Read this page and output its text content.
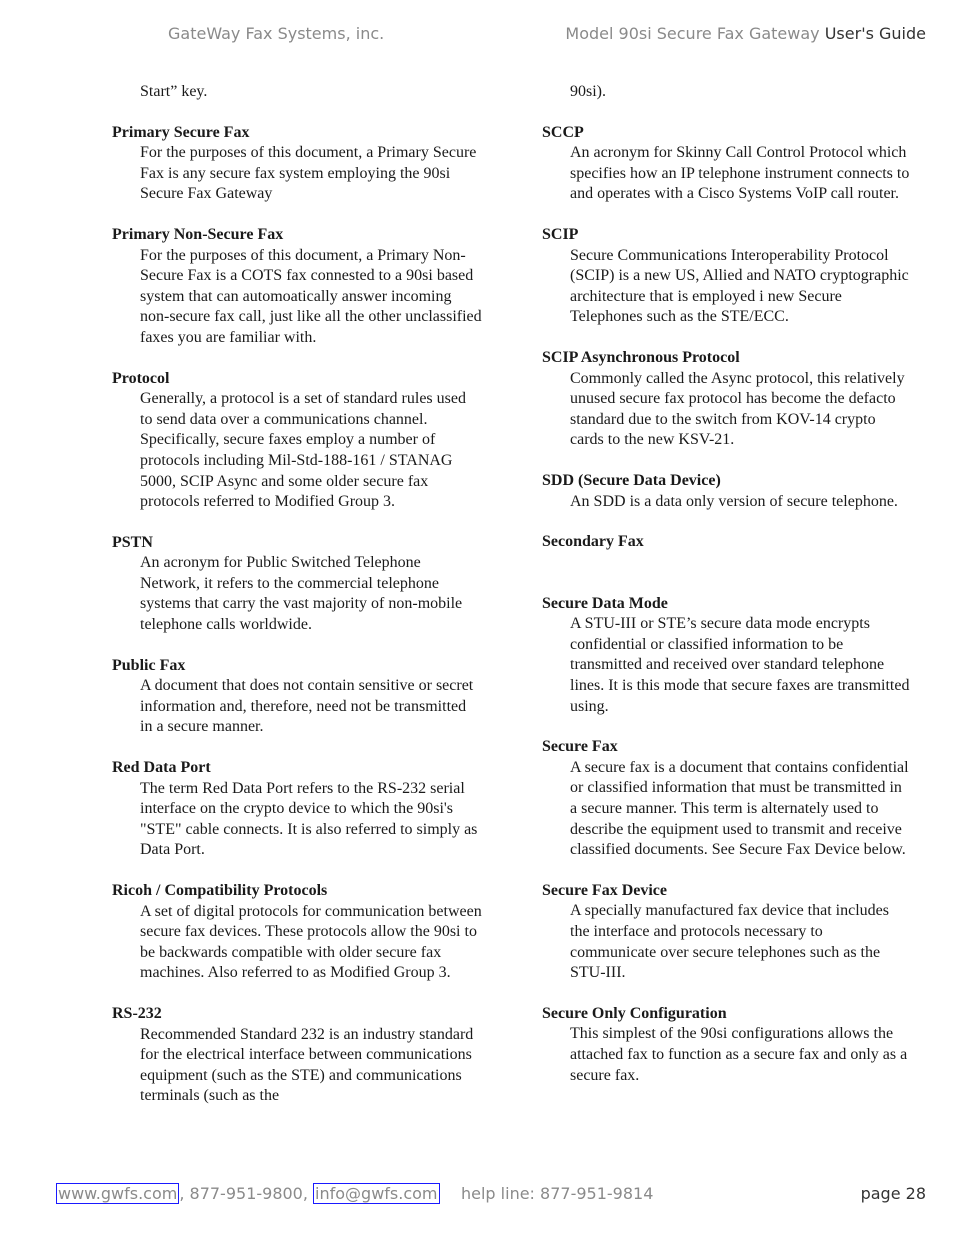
GateWay Fax Systems, inc.	Model 90si Secure Fax Gateway User's Guide
Start” key.
Primary Secure Fax
For the purposes of this document, a Primary Secure Fax is any secure fax system employing the 90si Secure Fax Gateway
Primary Non-Secure Fax
For the purposes of this document, a Primary Non-Secure Fax is a COTS fax connested to a 90si based system that can automoatically answer incoming non-secure fax call, just like all the other unclassified faxes you are familiar with.
Protocol
Generally, a protocol is a set of standard rules used to send data over a communications channel. Specifically, secure faxes employ a number of protocols including Mil-Std-188-161 / STANAG 5000, SCIP Async and some older secure fax protocols referred to Modified Group 3.
PSTN
An acronym for Public Switched Telephone Network, it refers to the commercial telephone systems that carry the vast majority of non-mobile telephone calls worldwide.
Public Fax
A document that does not contain sensitive or secret information and, therefore, need not be transmitted in a secure manner.
Red Data Port
The term Red Data Port refers to the RS-232 serial interface on the crypto device to which the 90si's "STE" cable connects. It is also referred to simply as Data Port.
Ricoh / Compatibility Protocols
A set of digital protocols for communication between secure fax devices. These protocols allow the 90si to be backwards compatible with older secure fax machines. Also referred to as Modified Group 3.
RS-232
Recommended Standard 232 is an industry standard for the electrical interface between communications equipment (such as the STE) and communications terminals (such as the
90si).
SCCP
An acronym for Skinny Call Control Protocol which specifies how an IP telephone instrument connects to and operates with a Cisco Systems VoIP call router.
SCIP
Secure Communications Interoperability Protocol (SCIP) is a new US, Allied and NATO cryptographic architecture that is employed i new Secure Telephones such as the STE/ECC.
SCIP Asynchronous Protocol
Commonly called the Async protocol, this relatively unused secure fax protocol has become the defacto standard due to the switch from KOV-14 crypto cards to the new KSV-21.
SDD (Secure Data Device)
An SDD is a data only version of secure telephone.
Secondary Fax
Secure Data Mode
A STU-III or STE’s secure data mode encrypts confidential or classified information to be transmitted and received over standard telephone lines. It is this mode that secure faxes are transmitted using.
Secure Fax
A secure fax is a document that contains confidential or classified information that must be transmitted in a secure manner. This term is alternately used to describe the equipment used to transmit and receive classified documents. See Secure Fax Device below.
Secure Fax Device
A specially manufactured fax device that includes the interface and protocols necessary to communicate over secure telephones such as the STU-III.
Secure Only Configuration
This simplest of the 90si configurations allows the attached fax to function as a secure fax and only as a secure fax.
www.gwfs.com , 877-951-9800, info@gwfs.com help line: 877-951-9814	page 28
